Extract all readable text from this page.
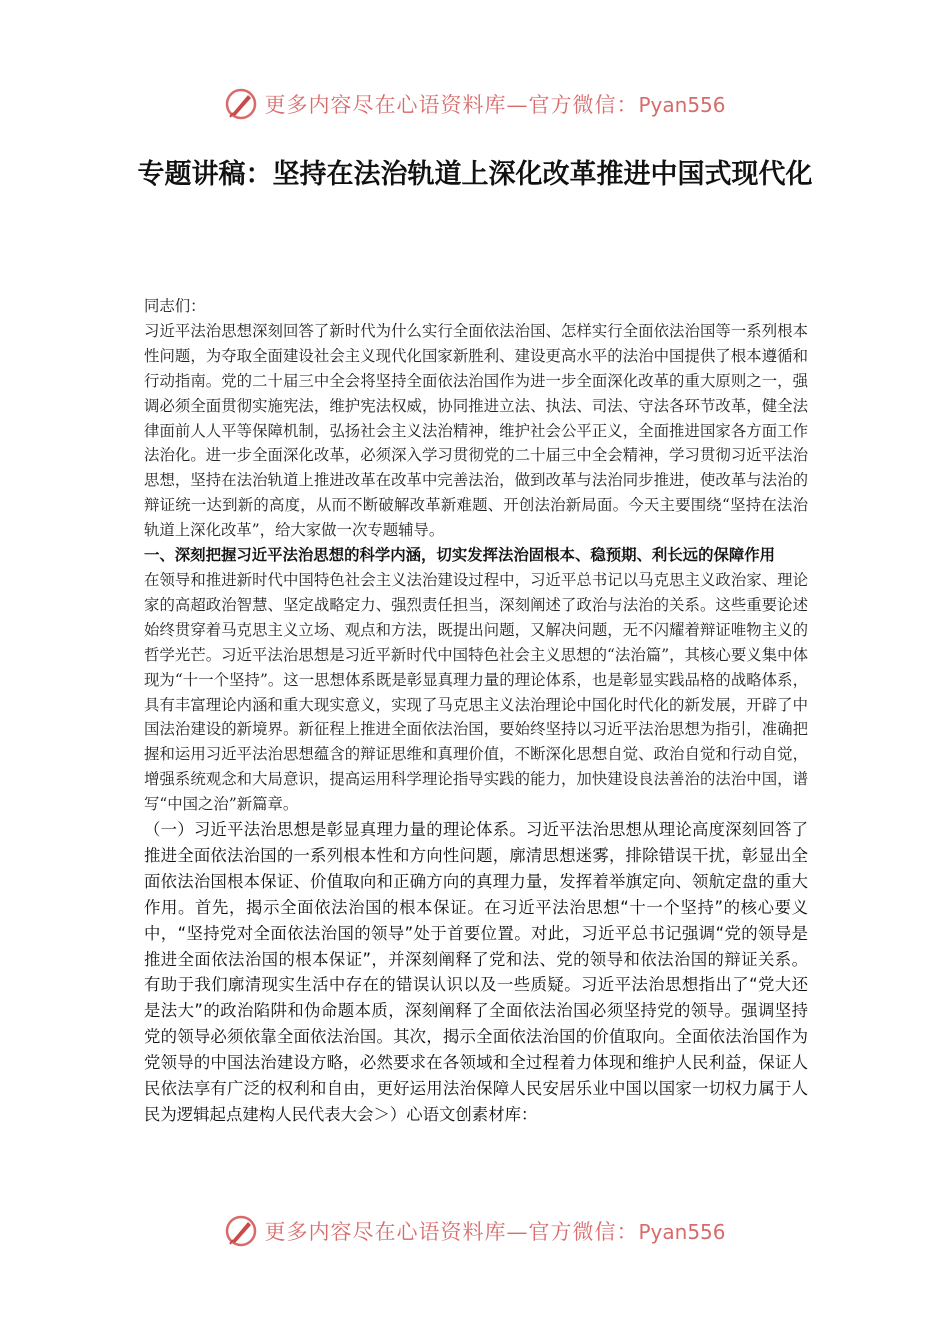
更多内容尽在心语资料库—官方微信：Pyan556
专题讲稿：坚持在法治轨道上深化改革推进中国式现代化

同志们：

习近平法治思想深刻回答了新时代为什么实行全面依法治国、怎样实行全面依法治国等一系列根本性问题，为夺取全面建设社会主义现代化国家新胜利、建设更高水平的法治中国提供了根本遵循和行动指南。党的二十届三中全会将坚持全面依法治国作为进一步全面深化改革的重大原则之一，强调必须全面贯彻实施宪法，维护宪法权威，协同推进立法、执法、司法、守法各环节改革，健全法律面前人人平等保障机制，弘扬社会主义法治精神，维护社会公平正义，全面推进国家各方面工作法治化。进一步全面深化改革，必须深入学习贯彻党的二十届三中全会精神，学习贯彻习近平法治思想，坚持在法治轨道上推进改革在改革中完善法治，做到改革与法治同步推进，使改革与法治的辩证统一达到新的高度，从而不断破解改革新难题、开创法治新局面。今天主要围绕“坚持在法治轨道上深化改革”，给大家做一次专题辅导。

一、深刻把握习近平法治思想的科学内涵，切实发挥法治固根本、稳预期、利长远的保障作用

在领导和推进新时代中国特色社会主义法治建设过程中，习近平总书记以马克思主义政治家、理论家的高超政治智慧、坚定战略定力、强烈责任担当，深刻阐述了政治与法治的关系。这些重要论述始终贯穿着马克思主义立场、观点和方法，既提出问题，又解决问题，无不闪耀着辩证唯物主义的哲学光芒。习近平法治思想是习近平新时代中国特色社会主义思想的“法治篇”，其核心要义集中体现为“十一个坚持”。这一思想体系既是彰显真理力量的理论体系，也是彰显实践品格的战略体系，具有丰富理论内涵和重大现实意义，实现了马克思主义法治理论中国化时代化的新发展，开辟了中国法治建设的新境界。新征程上推进全面依法治国，要始终坚持以习近平法治思想为指引，准确把握和运用习近平法治思想蕴含的辩证思维和真理价值，不断深化思想自觉、政治自觉和行动自觉，增强系统观念和大局意识，提高运用科学理论指导实践的能力，加快建设良法善治的法治中国，谱写“中国之治”新篇章。

（一）习近平法治思想是彰显真理力量的理论体系。习近平法治思想从理论高度深刻回答了推进全面依法治国的一系列根本性和方向性问题，廓清思想迷雾，排除错误干扰，彰显出全面依法治国根本保证、价值取向和正确方向的真理力量，发挥着举旗定向、领航定盘的重大作用。首先，揭示全面依法治国的根本保证。在习近平法治思想“十一个坚持”的核心要义中，“坚持党对全面依法治国的领导”处于首要位置。对此，习近平总书记强调“党的领导是推进全面依法治国的根本保证”，并深刻阐释了党和法、党的领导和依法治国的辩证关系。有助于我们廓清现实生活中存在的错误认识以及一些质疑。习近平法治思想指出了“党大还是法大”的政治陷阱和伪命题本质，深刻阐释了全面依法治国必须坚持党的领导。强调坚持党的领导必须依靠全面依法治国。其次，揭示全面依法治国的价值取向。全面依法治国作为党领导的中国法治建设方略，必然要求在各领域和全过程着力体现和维护人民利益，保证人民依法享有广泛的权利和自由，更好运用法治保障人民安居乐业中国以国家一切权力属于人民为逻辑起点建构人民代表大会＞）心语文创素材库：

更多内容尽在心语资料库—官方微信：Pyan556
